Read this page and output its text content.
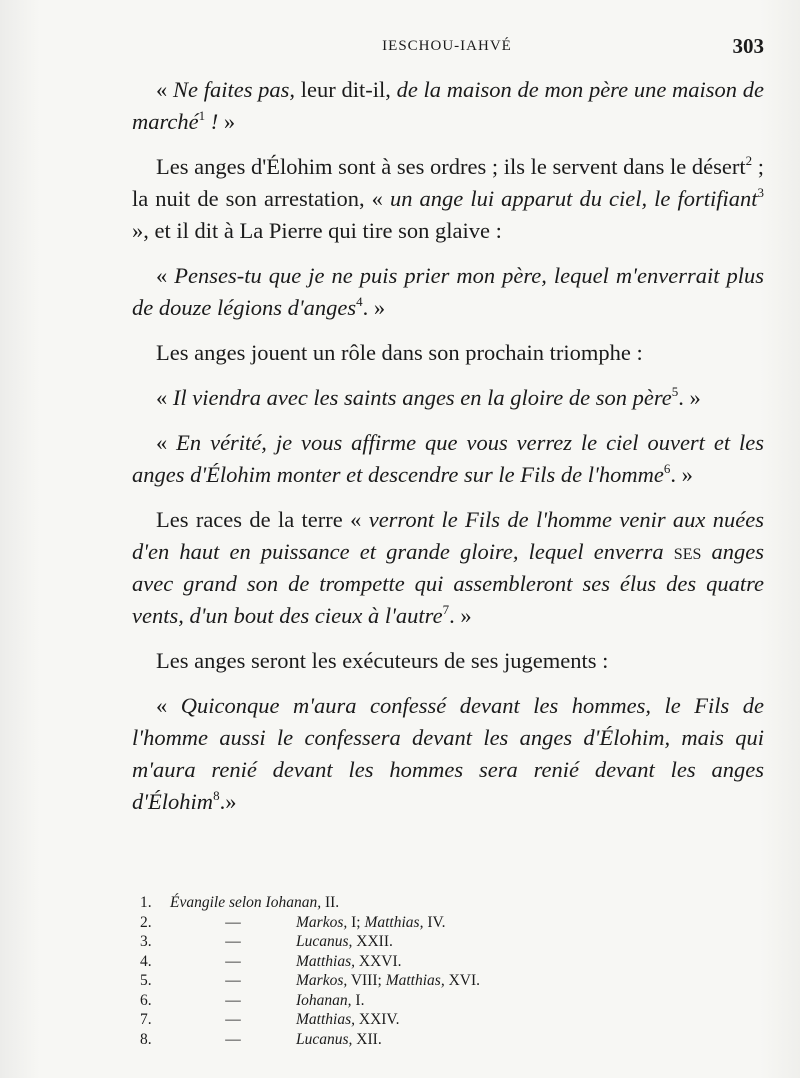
IESCHOU-IAHVÉ	303

« Ne faites pas, leur dit-il, de la maison de mon père une maison de marché$^1$ ! »

Les anges d'Élohim sont à ses ordres ; ils le servent dans le désert$^2$ ; la nuit de son arrestation, « un ange lui apparut du ciel, le fortifiant$^3$ », et il dit à La Pierre qui tire son glaive :

« Penses-tu que je ne puis prier mon père, lequel m'enverrait plus de douze légions d'anges$^4$. »

Les anges jouent un rôle dans son prochain triomphe :

« Il viendra avec les saints anges en la gloire de son père$^5$. »

« En vérité, je vous affirme que vous verrez le ciel ouvert et les anges d'Élohim monter et descendre sur le Fils de l'homme$^6$. »

Les races de la terre « verront le Fils de l'homme venir aux nuées d'en haut en puissance et grande gloire, lequel enverra ses anges avec grand son de trompette qui assembleront ses élus des quatre vents, d'un bout des cieux à l'autre$^7$. »

Les anges seront les exécuteurs de ses jugements :

« Quiconque m'aura confessé devant les hommes, le Fils de l'homme aussi le confessera devant les anges d'Élohim, mais qui m'aura renié devant les hommes sera renié devant les anges d'Élohim$^8$.»

1.	Évangile selon Iohanan, II.
2.	—	Markos, I; Matthias, IV.
3.	—	Lucanus, XXII.
4.	—	Matthias, XXVI.
5.	—	Markos, VIII; Matthias, XVI.
6.	—	Iohanan, I.
7.	—	Matthias, XXIV.
8.	—	Lucanus, XII.
